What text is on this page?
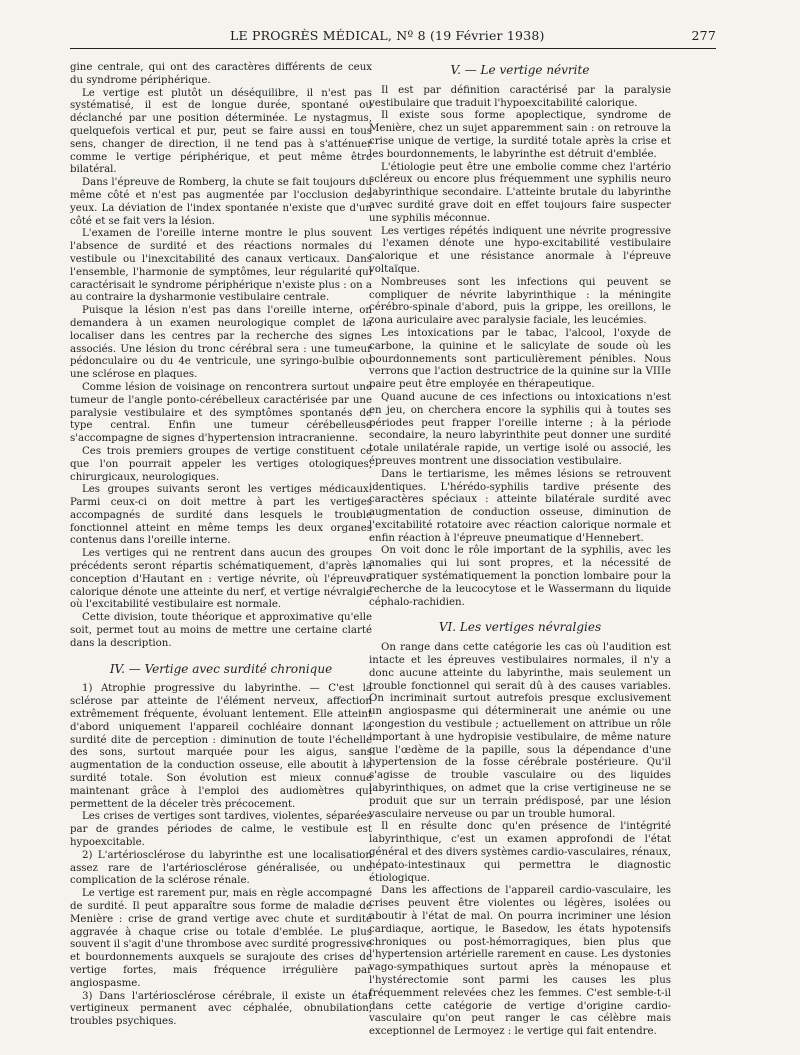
LE PROGRÈS MÉDICAL, Nº 8 (19 Février 1938)	277

gine centrale, qui ont des caractères différents de ceux du syndrome périphérique.

Le vertige est plutôt un déséquilibre, il n'est pas systématisé, il est de longue durée, spontané ou déclanché par une position déterminée. Le nystagmus, quelquefois vertical et pur, peut se faire aussi en tous sens, changer de direction, il ne tend pas à s'atténuer comme le vertige périphérique, et peut même être bilatéral.

Dans l'épreuve de Romberg, la chute se fait toujours du même côté et n'est pas augmentée par l'occlusion des yeux. La déviation de l'index spontanée n'existe que d'un côté et se fait vers la lésion.

L'examen de l'oreille interne montre le plus souvent l'absence de surdité et des réactions normales du vestibule ou l'inexcitabilité des canaux verticaux. Dans l'ensemble, l'harmonie de symptômes, leur régularité qui caractérisait le syndrome périphérique n'existe plus : on a au contraire la dysharmonie vestibulaire centrale.

Puisque la lésion n'est pas dans l'oreille interne, on demandera à un examen neurologique complet de la localiser dans les centres par la recherche des signes associés. Une lésion du tronc cérébral sera : une tumeur pédonculaire ou du 4e ventricule, une syringo-bulbie ou une sclérose en plaques.

Comme lésion de voisinage on rencontrera surtout une tumeur de l'angle ponto-cérébelleux caractérisée par une paralysie vestibulaire et des symptômes spontanés de type central. Enfin une tumeur cérébelleuse s'accompagne de signes d'hypertension intracranienne.

Ces trois premiers groupes de vertige constituent ce que l'on pourrait appeler les vertiges otologiques, chirurgicaux, neurologiques.

Les groupes suivants seront les vertiges médicaux. Parmi ceux-ci on doit mettre à part les vertiges accompagnés de surdité dans lesquels le trouble fonctionnel atteint en même temps les deux organes contenus dans l'oreille interne.

Les vertiges qui ne rentrent dans aucun des groupes précédents seront répartis schématiquement, d'après la conception d'Hautant en : vertige névrite, où l'épreuve calorique dénote une atteinte du nerf, et vertige névralgie où l'excitabilité vestibulaire est normale.

Cette division, toute théorique et approximative qu'elle soit, permet tout au moins de mettre une certaine clarté dans la description.

IV. — Vertige avec surdité chronique

1) Atrophie progressive du labyrinthe. — C'est la sclérose par atteinte de l'élément nerveux, affection extrêmement fréquente, évoluant lentement. Elle atteint d'abord uniquement l'appareil cochléaire donnant la surdité dite de perception : diminution de toute l'échelle des sons, surtout marquée pour les aigus, sans augmentation de la conduction osseuse, elle aboutit à la surdité totale. Son évolution est mieux connue maintenant grâce à l'emploi des audiomètres qui permettent de la déceler très précocement.

Les crises de vertiges sont tardives, violentes, séparées par de grandes périodes de calme, le vestibule est hypoexcitable.

2) L'artériosclérose du labyrinthe est une localisation assez rare de l'artériosclérose généralisée, ou une complication de la sclérose rénale.

Le vertige est rarement pur, mais en règle accompagné de surdité. Il peut apparaître sous forme de maladie de Menière : crise de grand vertige avec chute et surdité aggravée à chaque crise ou totale d'emblée. Le plus souvent il s'agit d'une thrombose avec surdité progressive et bourdonnements auxquels se surajoute des crises de vertige fortes, mais fréquence irrégulière par angiospasme.

3) Dans l'artériosclérose cérébrale, il existe un état vertigineux permanent avec céphalée, obnubilation, troubles psychiques.

V. — Le vertige névrite

Il est par définition caractérisé par la paralysie vestibulaire que traduit l'hypoexcitabilité calorique.

Il existe sous forme apoplectique, syndrome de Menière, chez un sujet apparemment sain : on retrouve la crise unique de vertige, la surdité totale après la crise et les bourdonnements, le labyrinthe est détruit d'emblée.

L'étiologie peut être une embolie comme chez l'artério scléreux ou encore plus fréquemment une syphilis neuro labyrinthique secondaire. L'atteinte brutale du labyrinthe avec surdité grave doit en effet toujours faire suspecter une syphilis méconnue.

Les vertiges répétés indiquent une névrite progressive : l'examen dénote une hypo-excitabilité vestibulaire calorique et une résistance anormale à l'épreuve voltaïque.

Nombreuses sont les infections qui peuvent se compliquer de névrite labyrinthique : la méningite cérébro-spinale d'abord, puis la grippe, les oreillons, le zona auriculaire avec paralysie faciale, les leucémies.

Les intoxications par le tabac, l'alcool, l'oxyde de carbone, la quinine et le salicylate de soude où les bourdonnements sont particulièrement pénibles. Nous verrons que l'action destructrice de la quinine sur la VIIIe paire peut être employée en thérapeutique.

Quand aucune de ces infections ou intoxications n'est en jeu, on cherchera encore la syphilis qui à toutes ses périodes peut frapper l'oreille interne ; à la période secondaire, la neuro labyrinthite peut donner une surdité totale unilatérale rapide, un vertige isolé ou associé, les épreuves montrent une dissociation vestibulaire.

Dans le tertiarisme, les mêmes lésions se retrouvent identiques. L'hérédo-syphilis tardive présente des caractères spéciaux : atteinte bilatérale surdité avec augmentation de conduction osseuse, diminution de l'excitabilité rotatoire avec réaction calorique normale et enfin réaction à l'épreuve pneumatique d'Hennebert.

On voit donc le rôle important de la syphilis, avec les anomalies qui lui sont propres, et la nécessité de pratiquer systématiquement la ponction lombaire pour la recherche de la leucocytose et le Wassermann du liquide céphalo-rachidien.

VI. Les vertiges névralgies

On range dans cette catégorie les cas où l'audition est intacte et les épreuves vestibulaires normales, il n'y a donc aucune atteinte du labyrinthe, mais seulement un trouble fonctionnel qui serait dû à des causes variables. On incriminait surtout autrefois presque exclusivement un angiospasme qui déterminerait une anémie ou une congestion du vestibule ; actuellement on attribue un rôle important à une hydropisie vestibulaire, de même nature que l'œdème de la papille, sous la dépendance d'une hypertension de la fosse cérébrale postérieure. Qu'il s'agisse de trouble vasculaire ou des liquides labyrinthiques, on admet que la crise vertigineuse ne se produit que sur un terrain prédisposé, par une lésion vasculaire nerveuse ou par un trouble humoral.

Il en résulte donc qu'en présence de l'intégrité labyrinthique, c'est un examen approfondi de l'état général et des divers systèmes cardio-vasculaires, rénaux, hépato-intestinaux qui permettra le diagnostic étiologique.

Dans les affections de l'appareil cardio-vasculaire, les crises peuvent être violentes ou légères, isolées ou aboutir à l'état de mal. On pourra incriminer une lésion cardiaque, aortique, le Basedow, les états hypotensifs chroniques ou post-hémorragiques, bien plus que l'hypertension artérielle rarement en cause. Les dystonies vago-sympathiques surtout après la ménopause et l'hystérectomie sont parmi les causes les plus fréquemment relevées chez les femmes. C'est semble-t-il dans cette catégorie de vertige d'origine cardio-vasculaire qu'on peut ranger le cas célèbre mais exceptionnel de Lermoyez : le vertige qui fait entendre.
